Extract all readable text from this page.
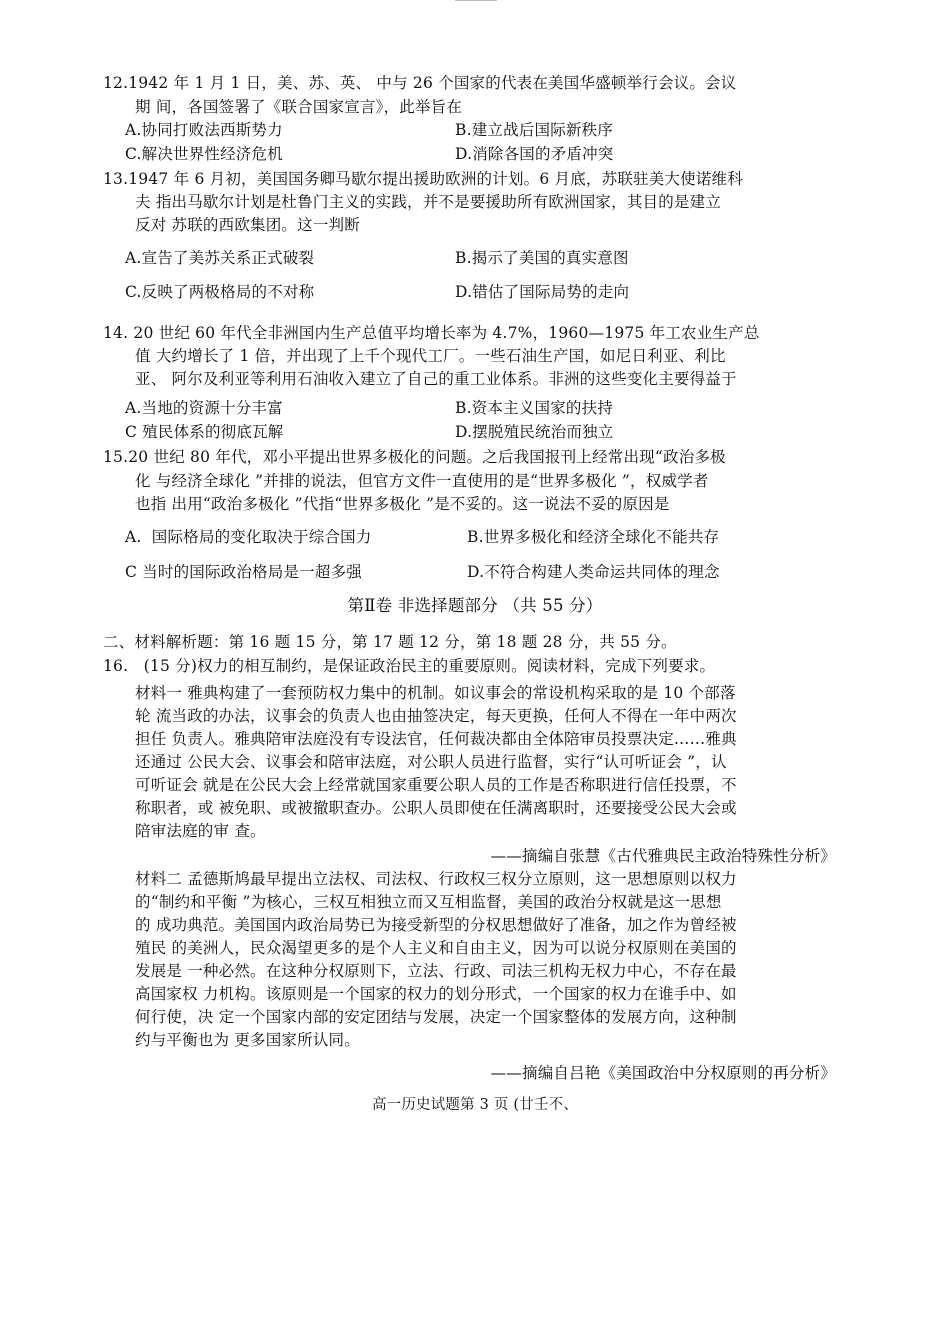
12.1942 年 1 月 1 日，美、苏、英、 中与 26 个国家的代表在美国华盛顿举行会议。会议
期 间，各国签署了《联合国家宣言》，此举旨在
A.协同打败法西斯势力	B.建立战后国际新秩序
C.解决世界性经济危机	D.消除各国的矛盾冲突
13.1947 年 6 月初，美国国务卿马歇尔提出援助欧洲的计划。6 月底，苏联驻美大使诺维科
夫 指出马歇尔计划是杜鲁门主义的实践，并不是要援助所有欧洲国家，其目的是建立
反对 苏联的西欧集团。这一判断
A.宣告了美苏关系正式破裂	B.揭示了美国的真实意图
C.反映了两极格局的不对称	D.错估了国际局势的走向
14. 20 世纪 60 年代全非洲国内生产总值平均增长率为 4.7%，1960—1975 年工农业生产总
值 大约增长了 1 倍，并出现了上千个现代工厂。一些石油生产国，如尼日利亚、利比
亚、 阿尔及利亚等利用石油收入建立了自己的重工业体系。非洲的这些变化主要得益于
A.当地的资源十分丰富	B.资本主义国家的扶持
C 殖民体系的彻底瓦解	D.摆脱殖民统治而独立
15.20 世纪 80 年代，邓小平提出世界多极化的问题。之后我国报刊上经常出现“政治多极
化 与经济全球化 ”并排的说法，但官方文件一直使用的是“世界多极化 ”，权威学者
也指 出用“政治多极化 ”代指“世界多极化 ”是不妥的。这一说法不妥的原因是
A.  国际格局的变化取决于综合国力	B.世界多极化和经济全球化不能共存
C 当时的国际政治格局是一超多强	D.不符合构建人类命运共同体的理念
第Ⅱ卷 非选择题部分 （共 55 分）
二、材料解析题：第 16 题 15 分，第 17 题 12 分，第 18 题 28 分，共 55 分。
16.   (15 分)权力的相互制约，是保证政治民主的重要原则。阅读材料，完成下列要求。
材料一 雅典构建了一套预防权力集中的机制。如议事会的常设机构采取的是 10 个部落
轮 流当政的办法，议事会的负责人也由抽签决定，每天更换，任何人不得在一年中两次
担任 负责人。雅典陪审法庭没有专设法官，任何裁决都由全体陪审员投票决定……雅典
还通过 公民大会、议事会和陪审法庭，对公职人员进行监督，实行“认可听证会 ”，认
可听证会 就是在公民大会上经常就国家重要公职人员的工作是否称职进行信任投票，不
称职者，或 被免职、或被撤职查办。公职人员即使在任满离职时，还要接受公民大会或
陪审法庭的审 查。
——摘编自张慧《古代雅典民主政治特殊性分析》
材料二 孟德斯鸠最早提出立法权、司法权、行政权三权分立原则，这一思想原则以权力
的“制约和平衡 ”为核心，三权互相独立而又互相监督，美国的政治分权就是这一思想
的 成功典范。美国国内政治局势已为接受新型的分权思想做好了准备，加之作为曾经被
殖民 的美洲人，民众渴望更多的是个人主义和自由主义，因为可以说分权原则在美国的
发展是 一种必然。在这种分权原则下，立法、行政、司法三机构无权力中心，不存在最
高国家权 力机构。该原则是一个国家的权力的划分形式，一个国家的权力在谁手中、如
何行使，决 定一个国家内部的安定团结与发展，决定一个国家整体的发展方向，这种制
约与平衡也为 更多国家所认同。
——摘编自吕艳《美国政治中分权原则的再分析》
高一历史试题第 3 页 (廿壬不、
